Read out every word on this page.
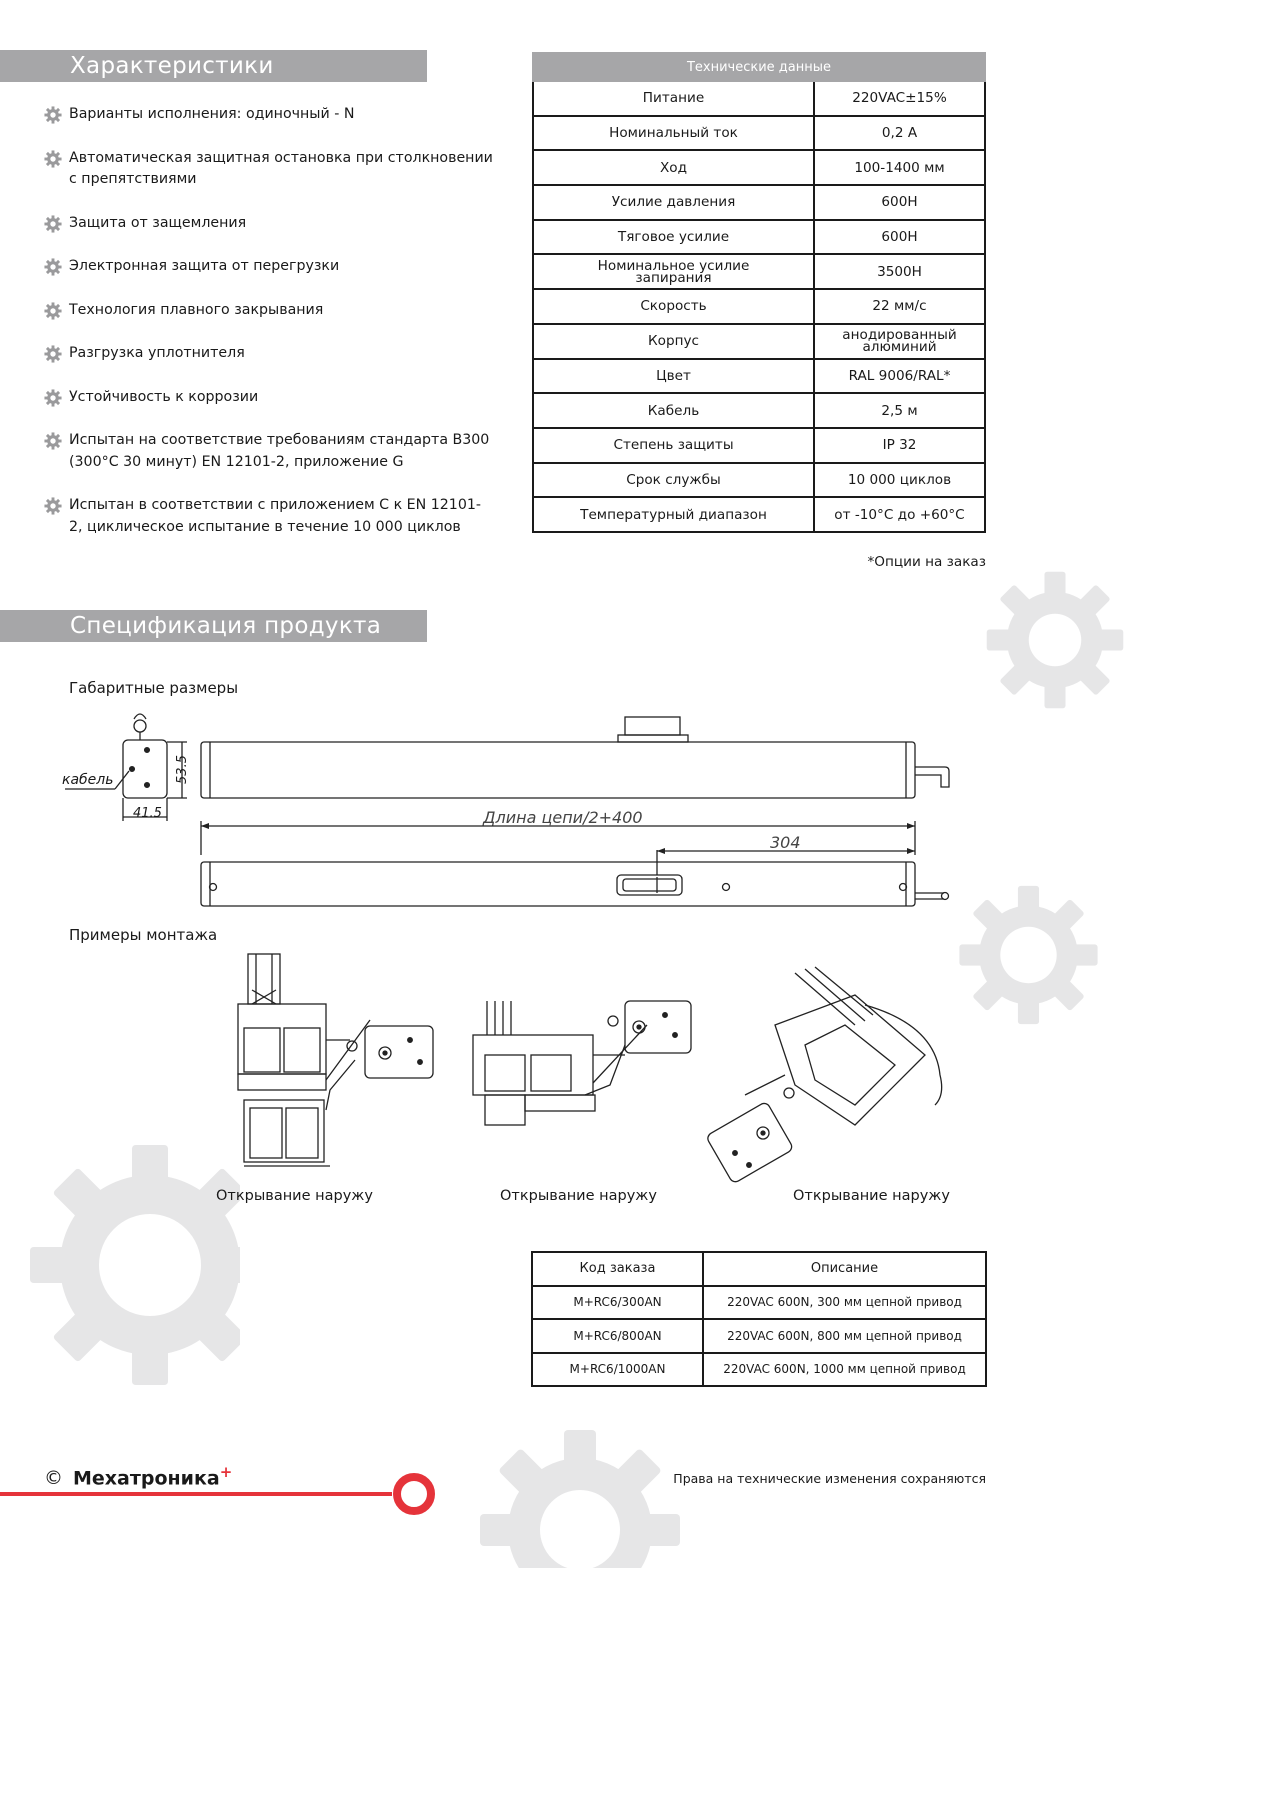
Характеристики
Спецификация продукта
Варианты исполнения: одиночный - N
Автоматическая защитная остановка при столкновении с препятствиями
Защита от защемления
Электронная защита от перегрузки
Технология плавного закрывания
Разгрузка уплотнителя
Устойчивость к коррозии
Испытан на соответствие требованиям стандарта В300 (300°С 30 минут) EN 12101-2, приложение G
Испытан в соответствии с приложением С к EN 12101-2, циклическое испытание в течение 10 000 циклов
Технические данные	
Питание	220VAC±15%
Номинальный ток	0,2 А
Ход	100-1400 мм
Усилие давления	600Н
Тяговое усилие	600Н
Номинальное усилие запирания	3500Н
Скорость	22 мм/с
Корпус	анодированный алюминий
Цвет	RAL 9006/RAL*
Кабель	2,5 м
Степень защиты	IP 32
Срок службы	10 000 циклов
Температурный диапазон	от -10°С до +60°С
*Опции на заказ
Габаритные размеры
кабель	53.5
41.5	Длина цепи/2+400
304
Примеры монтажа
Открывание наружу	Открывание наружу	Открывание наружу
Код заказа	Описание
M+RC6/300AN	220VAC 600N, 300 мм цепной привод
M+RC6/800AN	220VAC 600N, 800 мм цепной привод
M+RC6/1000AN	220VAC 600N, 1000 мм цепной привод
© Мехатроника+	Права на технические изменения сохраняются
